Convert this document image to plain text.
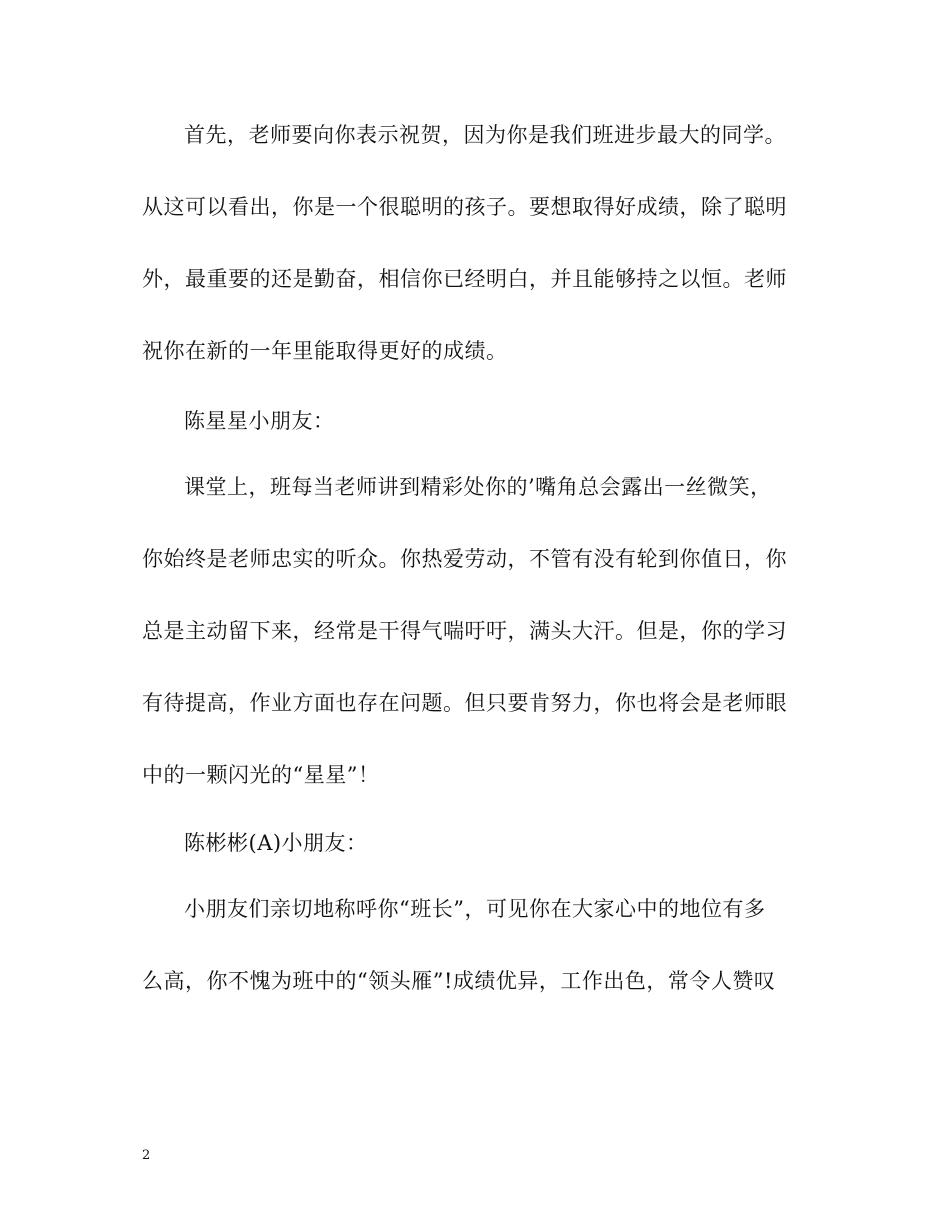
首先，老师要向你表示祝贺，因为你是我们班进步最大的同学。
从这可以看出，你是一个很聪明的孩子。要想取得好成绩，除了聪明
外，最重要的还是勤奋，相信你已经明白，并且能够持之以恒。老师
祝你在新的一年里能取得更好的成绩。
陈星星小朋友：
课堂上，班每当老师讲到精彩处你的’嘴角总会露出一丝微笑，
你始终是老师忠实的听众。你热爱劳动，不管有没有轮到你值日，你
总是主动留下来，经常是干得气喘吁吁，满头大汗。但是，你的学习
有待提高，作业方面也存在问题。但只要肯努力，你也将会是老师眼
中的一颗闪光的“星星”！
陈彬彬(A)小朋友：
小朋友们亲切地称呼你“班长”，可见你在大家心中的地位有多
么高，你不愧为班中的“领头雁”!成绩优异，工作出色，常令人赞叹
2
